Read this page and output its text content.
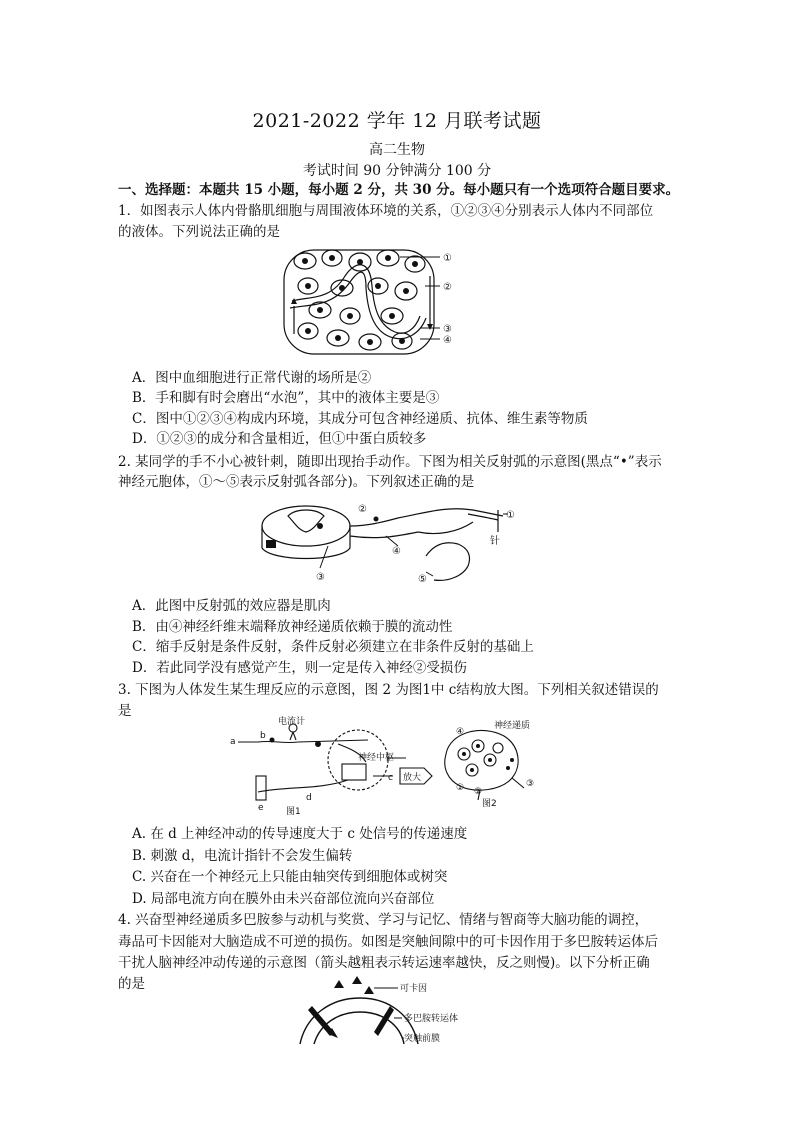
2021-2022 学年 12 月联考试题
高二生物
考试时间 90 分钟满分 100 分
一、选择题：本题共 15 小题，每小题 2 分，共 30 分。每小题只有一个选项符合题目要求。
1．如图表示人体内骨骼肌细胞与周围液体环境的关系，①②③④分别表示人体内不同部位
的液体。下列说法正确的是
①
②
③
④
A．图中血细胞进行正常代谢的场所是②
B．手和脚有时会磨出“水泡”，其中的液体主要是③
C．图中①②③④构成内环境，其成分可包含神经递质、抗体、维生素等物质
D．①②③的成分和含量相近，但①中蛋白质较多
2. 某同学的手不小心被针刺，随即出现抬手动作。下图为相关反射弧的示意图(黑点“•”表示
神经元胞体，①～⑤表示反射弧各部分)。下列叙述正确的是
②
①
③
④
⑤
针
A．此图中反射弧的效应器是肌肉
B．由④神经纤维末端释放神经递质依赖于膜的流动性
C．缩手反射是条件反射，条件反射必须建立在非条件反射的基础上
D．若此同学没有感觉产生，则一定是传入神经②受损伤
3. 下图为人体发生某生理反应的示意图，图 2 为图1中 c结构放大图。下列相关叙述错误的
是
a
b
c
d
e
电流计
神经中枢
放大
图1
神经递质
④
① ②
③
图2
A. 在 d 上神经冲动的传导速度大于 c 处信号的传递速度
B. 刺激 d，电流计指针不会发生偏转
C. 兴奋在一个神经元上只能由轴突传到细胞体或树突
D. 局部电流方向在膜外由未兴奋部位流向兴奋部位
4. 兴奋型神经递质多巴胺参与动机与奖赏、学习与记忆、情绪与智商等大脑功能的调控，
毒品可卡因能对大脑造成不可逆的损伤。如图是突触间隙中的可卡因作用于多巴胺转运体后
干扰人脑神经冲动传递的示意图（箭头越粗表示转运速率越快，反之则慢)。以下分析正确
的是	可卡因
多巴胺转运体
突触前膜
